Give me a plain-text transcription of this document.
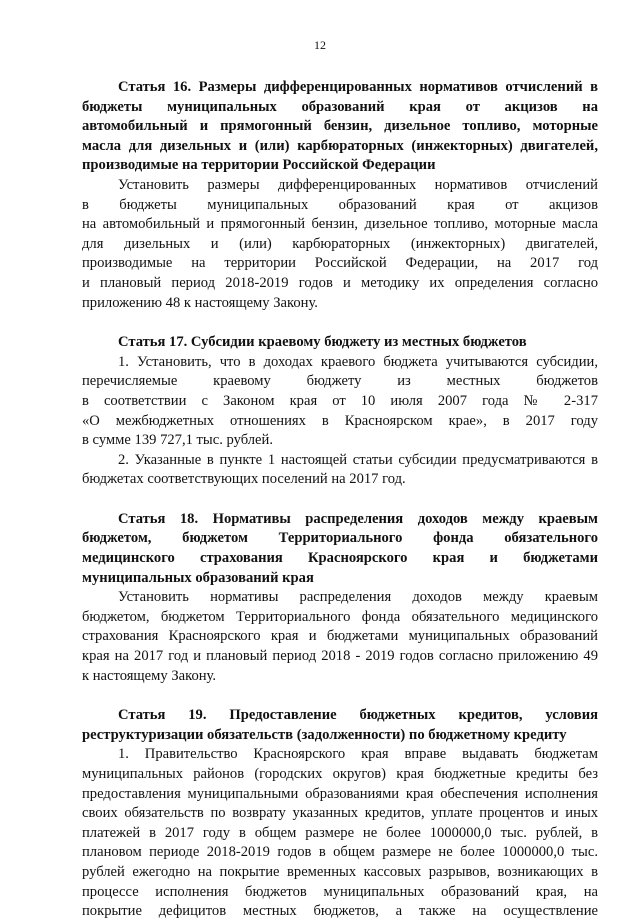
12
Статья 16. Размеры дифференцированных нормативов отчислений в
бюджеты муниципальных образований края от акцизов на
автомобильный и прямогонный бензин, дизельное топливо, моторные
масла для дизельных и (или) карбюраторных (инжекторных) двигателей,
производимые на территории Российской Федерации
Установить размеры дифференцированных нормативов отчислений
в бюджеты муниципальных образований края от акцизов
на автомобильный и прямогонный бензин, дизельное топливо, моторные масла
для дизельных и (или) карбюраторных (инжекторных) двигателей,
производимые на территории Российской Федерации, на 2017 год
и плановый период 2018-2019 годов и методику их определения согласно
приложению 48 к настоящему Закону.
Статья 17. Субсидии краевому бюджету из местных бюджетов
1. Установить, что в доходах краевого бюджета учитываются субсидии,
перечисляемые краевому бюджету из местных бюджетов
в соответствии с Законом края от 10 июля 2007 года № 2-317
«О межбюджетных отношениях в Красноярском крае», в 2017 году
в сумме 139 727,1 тыс. рублей.
2. Указанные в пункте 1 настоящей статьи субсидии предусматриваются в
бюджетах соответствующих поселений на 2017 год.
Статья 18. Нормативы распределения доходов между краевым
бюджетом, бюджетом Территориального фонда обязательного
медицинского страхования Красноярского края и бюджетами
муниципальных образований края
Установить нормативы распределения доходов между краевым
бюджетом, бюджетом Территориального фонда обязательного медицинского
страхования Красноярского края и бюджетами муниципальных образований
края на 2017 год и плановый период 2018 - 2019 годов согласно приложению 49
к настоящему Закону.
Статья 19. Предоставление бюджетных кредитов, условия
реструктуризации обязательств (задолженности) по бюджетному кредиту
1. Правительство Красноярского края вправе выдавать бюджетам
муниципальных районов (городских округов) края бюджетные кредиты без
предоставления муниципальными образованиями края обеспечения исполнения
своих обязательств по возврату указанных кредитов, уплате процентов и иных
платежей в 2017 году в общем размере не более 1000000,0 тыс. рублей, в
плановом периоде 2018-2019 годов в общем размере не более 1000000,0 тыс.
рублей ежегодно на покрытие временных кассовых разрывов, возникающих в
процессе исполнения бюджетов муниципальных образований края, на
покрытие дефицитов местных бюджетов, а также на осуществление
